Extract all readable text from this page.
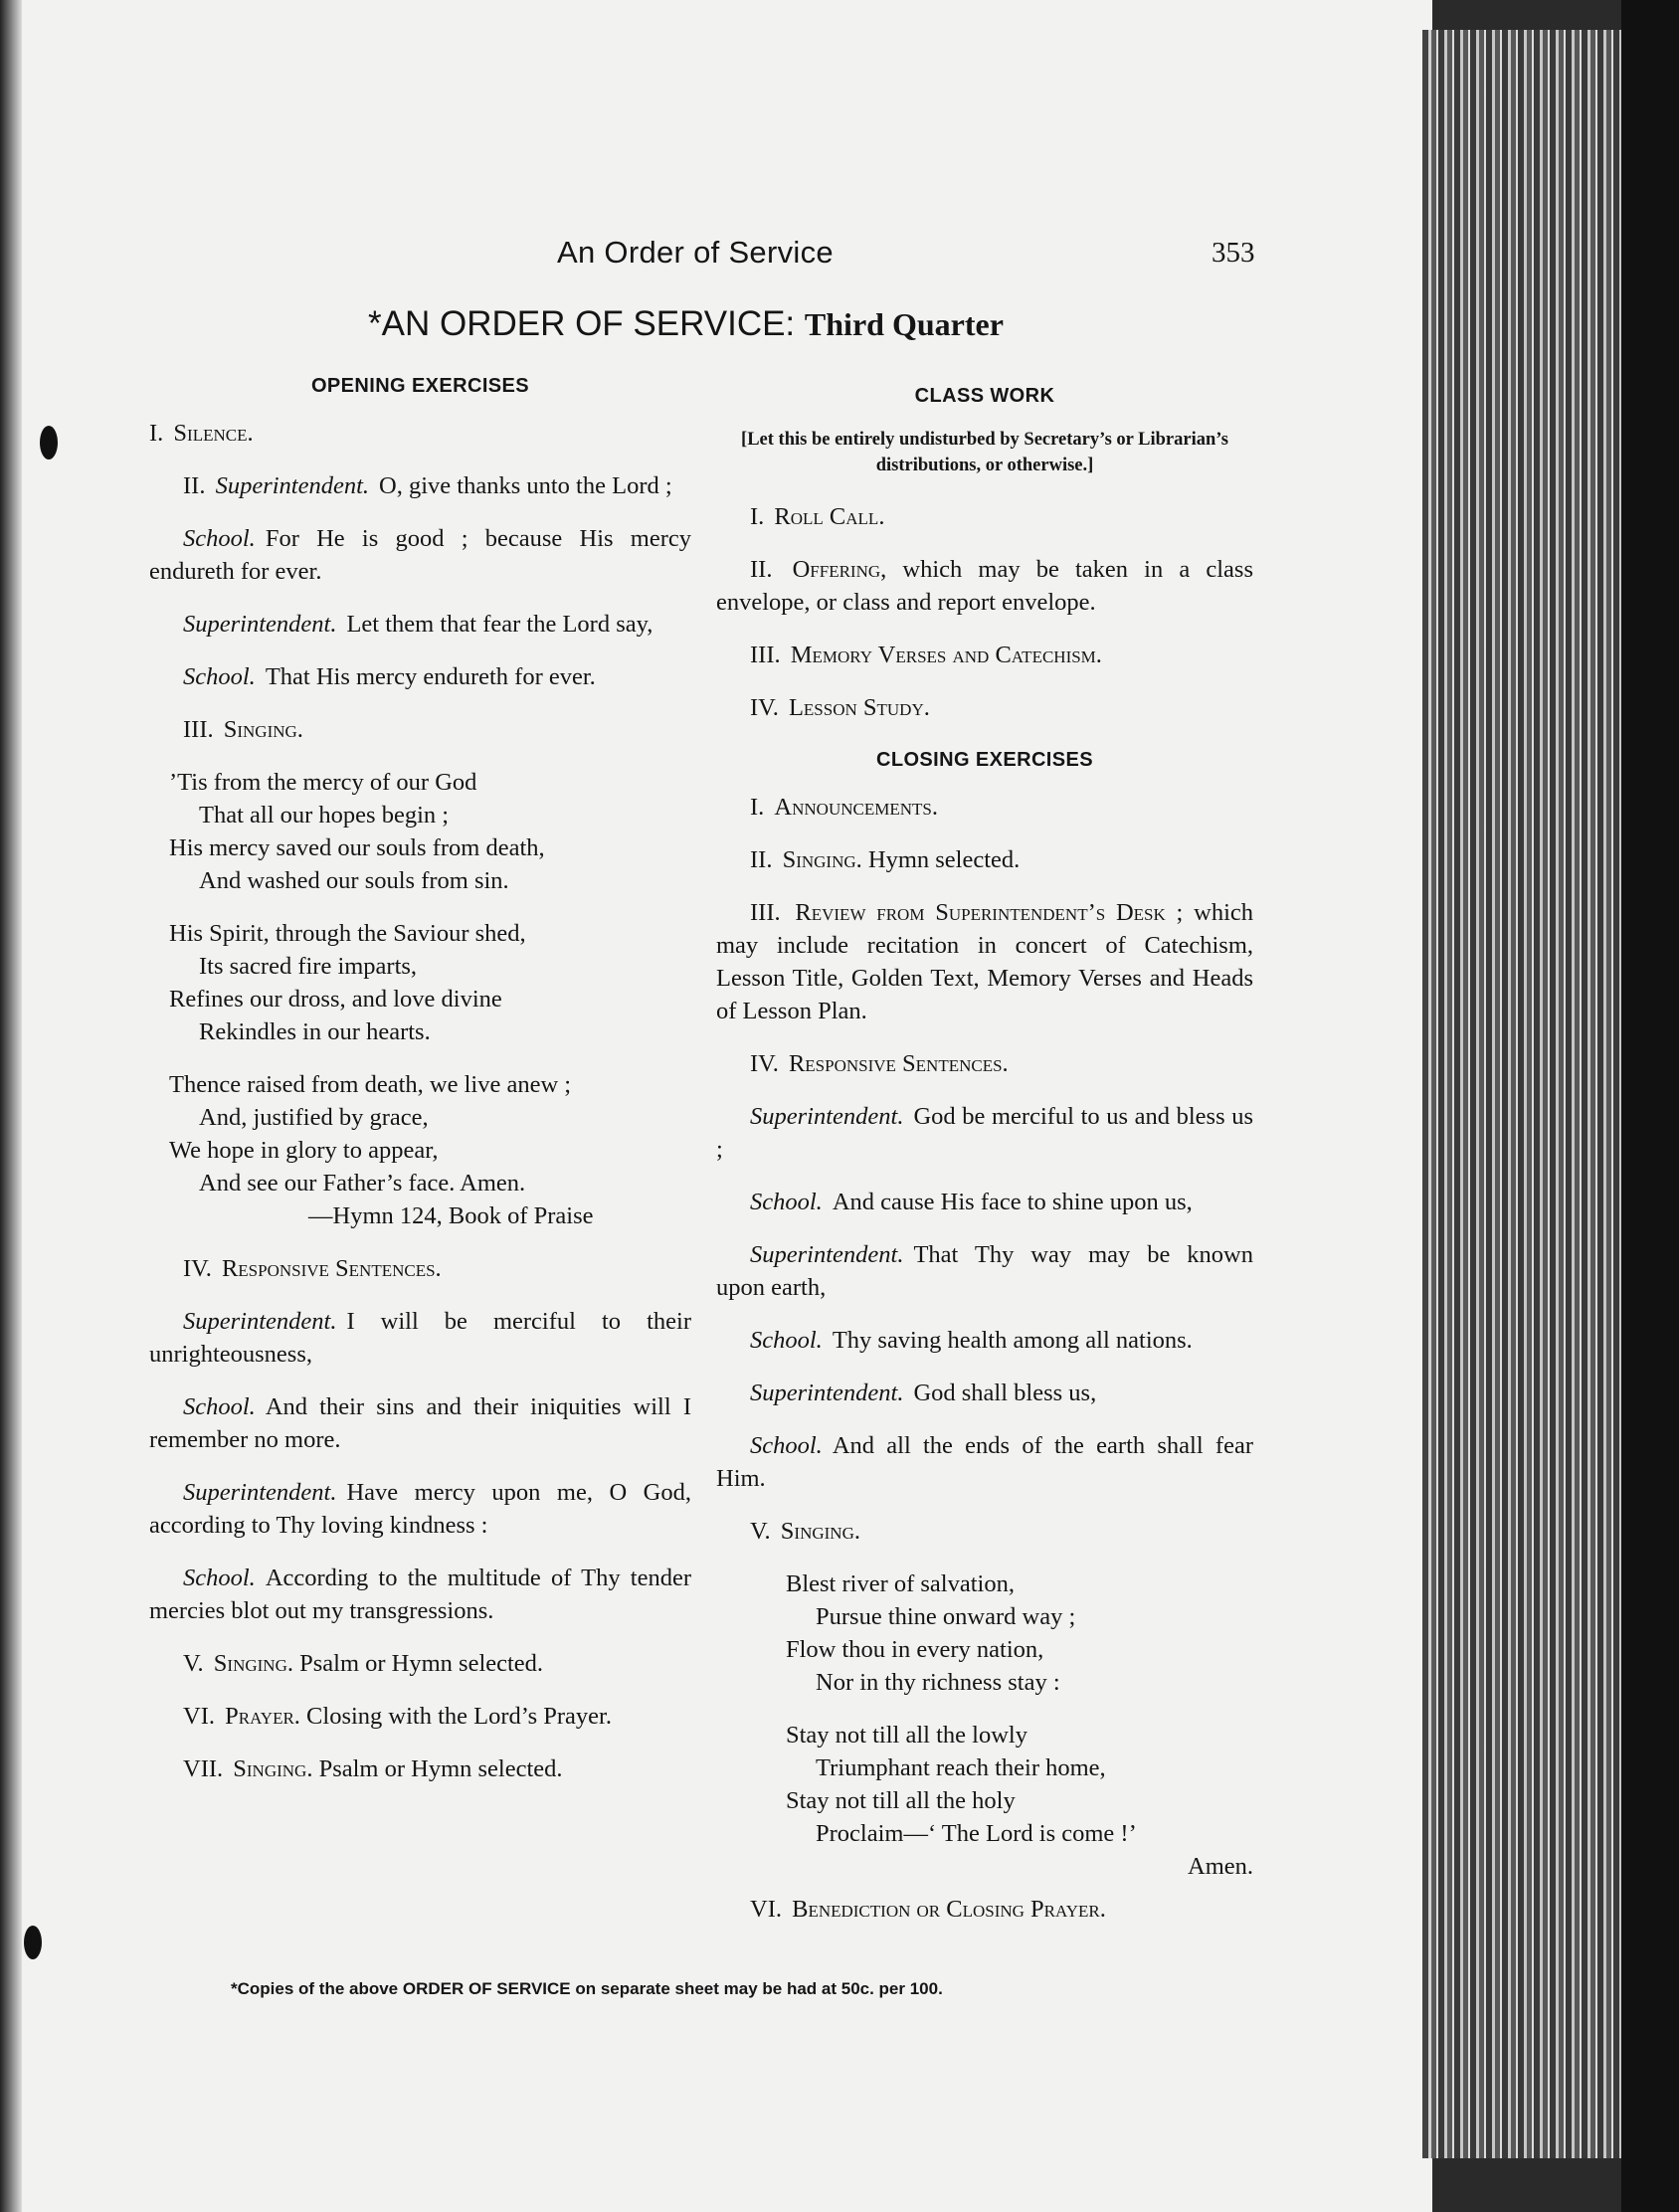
An Order of Service	353
*AN ORDER OF SERVICE: Third Quarter
OPENING EXERCISES

I. Silence.

II. Superintendent. O, give thanks unto the Lord ;

School. For He is good ; because His mercy endureth for ever.

Superintendent. Let them that fear the Lord say,

School. That His mercy endureth for ever.

III. Singing.

’Tis from the mercy of our God
That all our hopes begin ;
His mercy saved our souls from death,
And washed our souls from sin.
His Spirit, through the Saviour shed,
Its sacred fire imparts,
Refines our dross, and love divine
Rekindles in our hearts.
Thence raised from death, we live anew ;
And, justified by grace,
We hope in glory to appear,
And see our Father’s face. Amen.
—Hymn 124, Book of Praise

IV. Responsive Sentences.

Superintendent. I will be merciful to their unrighteousness,

School. And their sins and their iniquities will I remember no more.

Superintendent. Have mercy upon me, O God, according to Thy loving kindness :

School. According to the multitude of Thy tender mercies blot out my transgressions.

V. Singing. Psalm or Hymn selected.

VI. Prayer. Closing with the Lord’s Prayer.

VII. Singing. Psalm or Hymn selected.

CLASS WORK
[Let this be entirely undisturbed by Secretary’s or Librarian’s distributions, or otherwise.]

I. Roll Call.

II. Offering, which may be taken in a class envelope, or class and report envelope.

III. Memory Verses and Catechism.

IV. Lesson Study.

CLOSING EXERCISES

I. Announcements.

II. Singing. Hymn selected.

III. Review from Superintendent’s Desk ; which may include recitation in concert of Catechism, Lesson Title, Golden Text, Memory Verses and Heads of Lesson Plan.

IV. Responsive Sentences.

Superintendent. God be merciful to us and bless us ;

School. And cause His face to shine upon us,

Superintendent. That Thy way may be known upon earth,

School. Thy saving health among all nations.

Superintendent. God shall bless us,

School. And all the ends of the earth shall fear Him.

V. Singing.

Blest river of salvation,
Pursue thine onward way ;
Flow thou in every nation,
Nor in thy richness stay :
Stay not till all the lowly
Triumphant reach their home,
Stay not till all the holy
Proclaim—‘ The Lord is come !’
Amen.

VI. Benediction or Closing Prayer.

*Copies of the above ORDER OF SERVICE on separate sheet may be had at 50c. per 100.
